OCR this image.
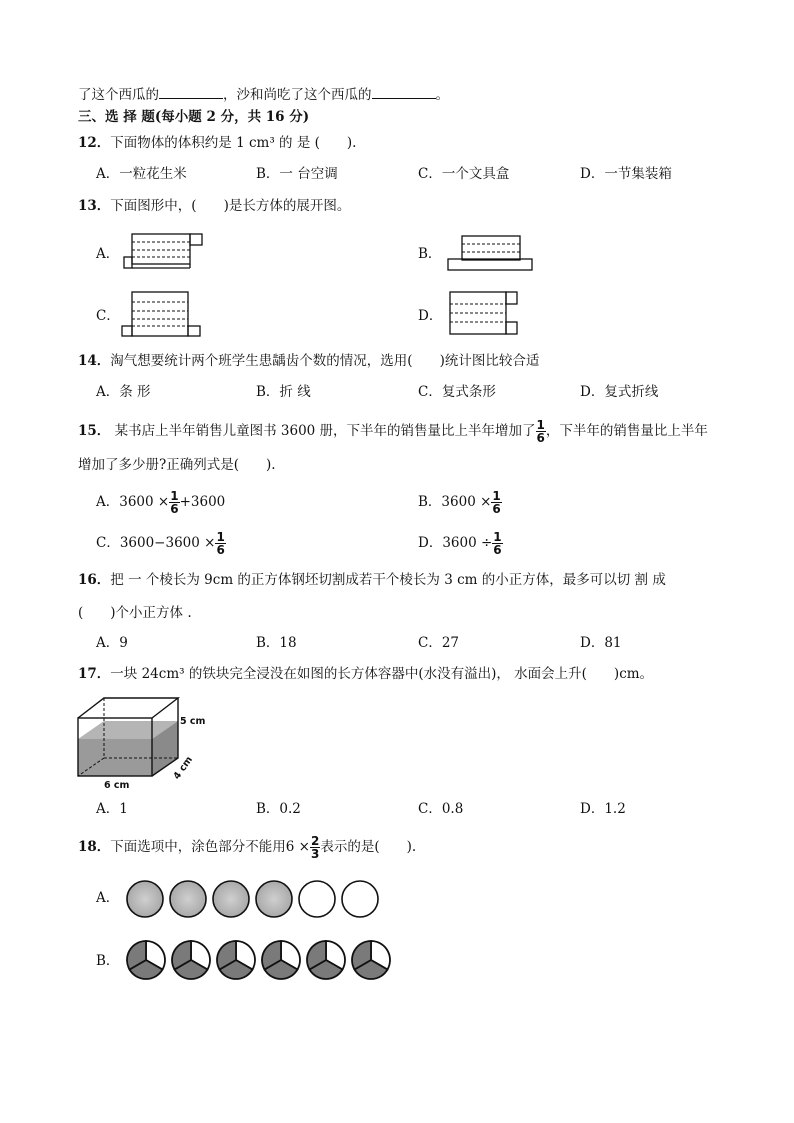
了这个西瓜的	，沙和尚吃了这个西瓜的	。
三、选 择 题(每小题 2 分，共 16 分)
12．下面物体的体积约是 1 cm³ 的 是 (　　).
A．一粒花生米	B．一 台空调	C．一个文具盒	D．一节集装箱
13．下面图形中，(　　)是长方体的展开图。
A．	B．
C．	D．
14．淘气想要统计两个班学生患龋齿个数的情况，选用(　　)统计图比较合适
A．条 形	B．折 线	C．复式条形	D．复式折线
15． 某书店上半年销售儿童图书 3600 册，下半年的销售量比上半年增加了 $\frac{1}{6}$ ，下半年的销售量比上半年
增加了多少册?正确列式是(　　).
A．$3600 \times \frac{1}{6} +3600$	B．$3600 \times \frac{1}{6}$
C．$3600-3600 \times \frac{1}{6}$	D．$3600 \div \frac{1}{6}$
16．把 一 个棱长为 9cm 的正方体钢坯切割成若干个棱长为 3 cm 的小正方体，最多可以切 割 成
(　　)个小正方体 .
A．9	B．18	C．27	D．81
17．一块 24cm³ 的铁块完全浸没在如图的长方体容器中(水没有溢出)， 水面会上升(　　)cm。
5 cm
4 cm
6 cm
A．1	B．0.2	C．0.8	D．1.2
18．下面选项中，涂色部分不能用$6 \times \frac{2}{3}$ 表示的是(　　).
A．
B．
